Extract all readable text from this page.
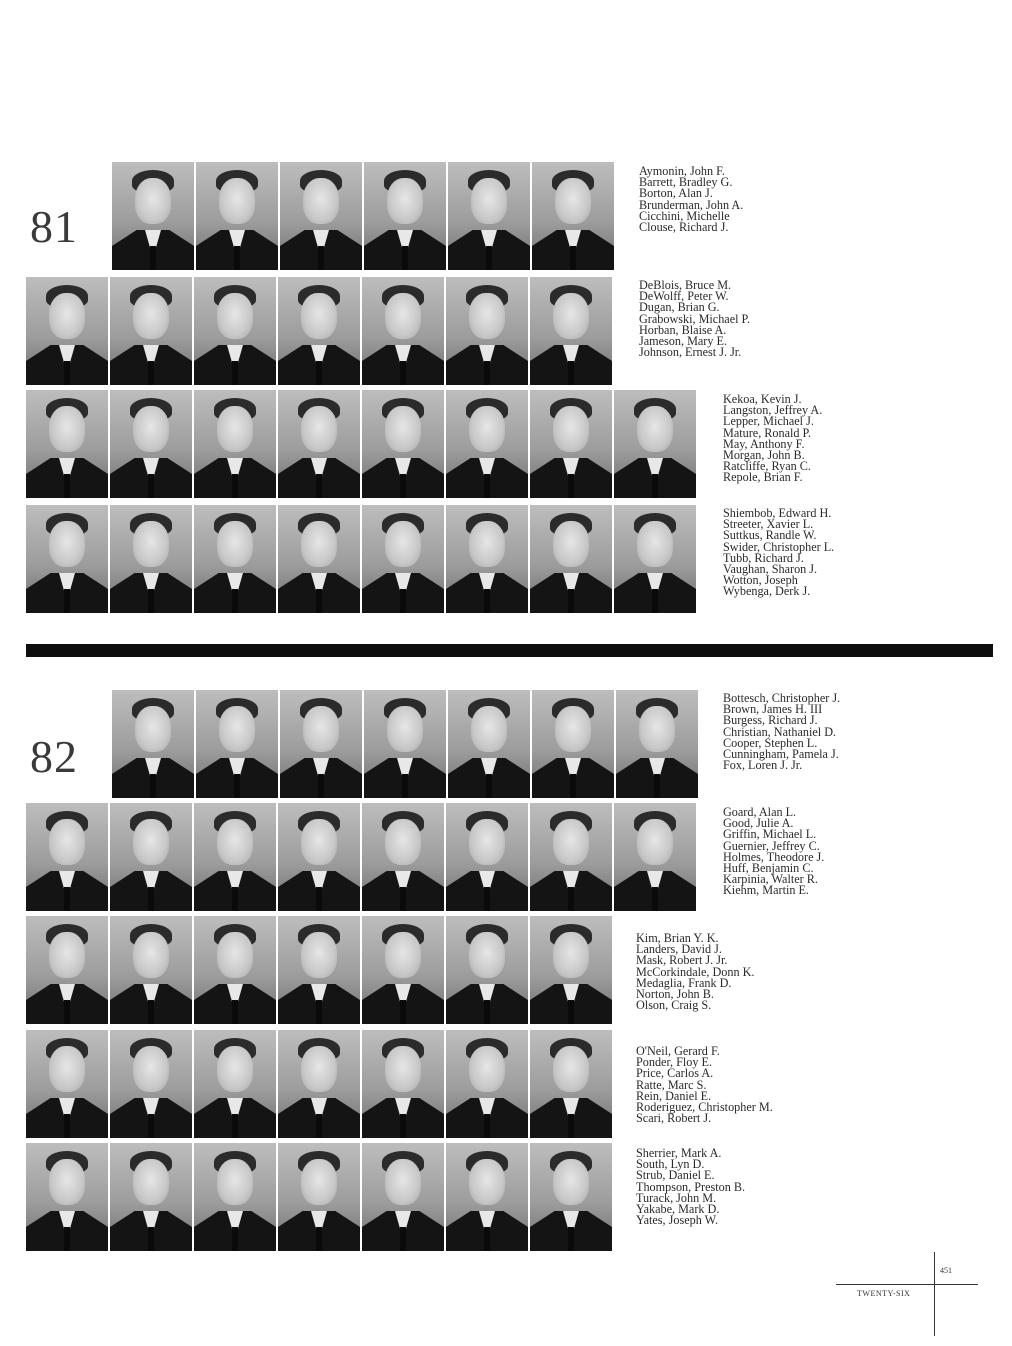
81
82
Aymonin, John F.
Barrett, Bradley G.
Borton, Alan J.
Brunderman, John A.
Cicchini, Michelle
Clouse, Richard J.
DeBlois, Bruce M.
DeWolff, Peter W.
Dugan, Brian G.
Grabowski, Michael P.
Horban, Blaise A.
Jameson, Mary E.
Johnson, Ernest J. Jr.
Kekoa, Kevin J.
Langston, Jeffrey A.
Lepper, Michael J.
Mature, Ronald P.
May, Anthony F.
Morgan, John B.
Ratcliffe, Ryan C.
Repole, Brian F.
Shiembob, Edward H.
Streeter, Xavier L.
Suttkus, Randle W.
Swider, Christopher L.
Tubb, Richard J.
Vaughan, Sharon J.
Wotton, Joseph
Wybenga, Derk J.
Bottesch, Christopher J.
Brown, James H. III
Burgess, Richard J.
Christian, Nathaniel D.
Cooper, Stephen L.
Cunningham, Pamela J.
Fox, Loren J. Jr.
Goard, Alan L.
Good, Julie A.
Griffin, Michael L.
Guernier, Jeffrey C.
Holmes, Theodore J.
Huff, Benjamin C.
Karpinia, Walter R.
Kiehm, Martin E.
Kim, Brian Y. K.
Landers, David J.
Mask, Robert J. Jr.
McCorkindale, Donn K.
Medaglia, Frank D.
Norton, John B.
Olson, Craig S.
O'Neil, Gerard F.
Ponder, Floy E.
Price, Carlos A.
Ratte, Marc S.
Rein, Daniel E.
Roderiguez, Christopher M.
Scari, Robert J.
Sherrier, Mark A.
South, Lyn D.
Strub, Daniel E.
Thompson, Preston B.
Turack, John M.
Yakabe, Mark D.
Yates, Joseph W.
451
TWENTY-SIX
